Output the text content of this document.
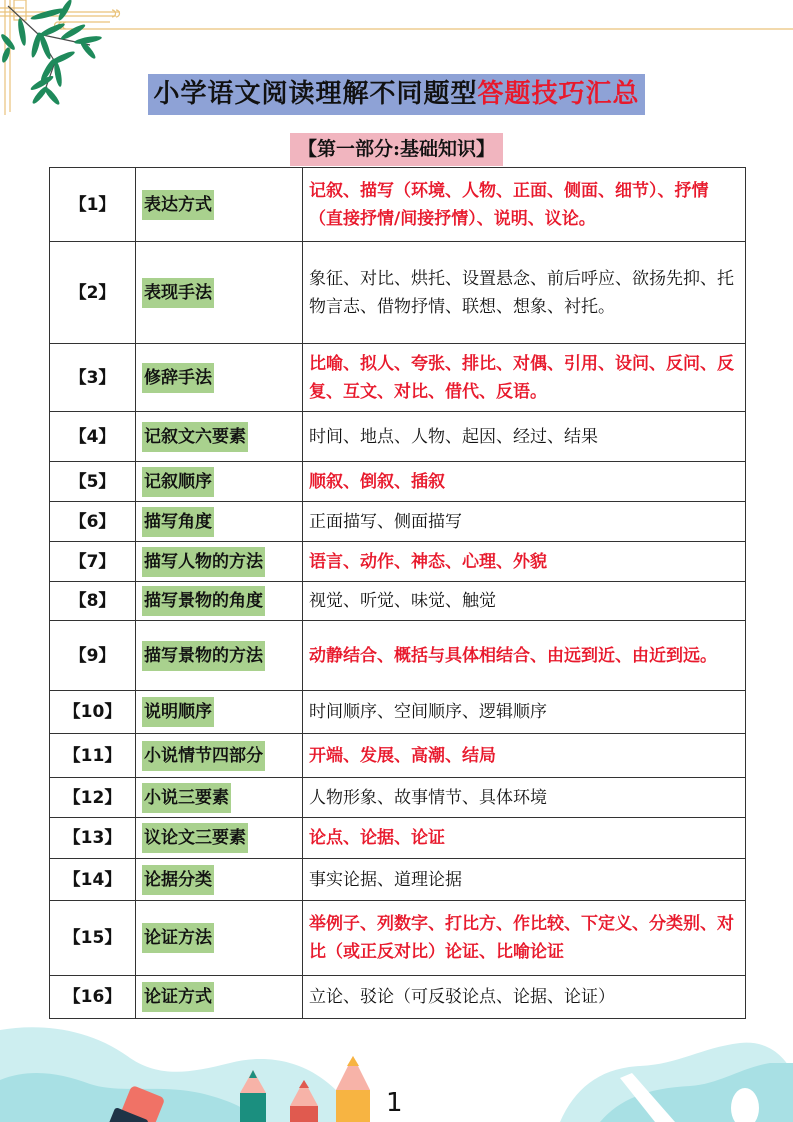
小学语文阅读理解不同题型答题技巧汇总
【第一部分:基础知识】
【1】	表达方式	记叙、描写（环境、人物、正面、侧面、细节）、抒情（直接抒情/间接抒情）、说明、议论。
【2】	表现手法	象征、对比、烘托、设置悬念、前后呼应、欲扬先抑、托物言志、借物抒情、联想、想象、衬托。
【3】	修辞手法	比喻、拟人、夸张、排比、对偶、引用、设问、反问、反复、互文、对比、借代、反语。
【4】	记叙文六要素	时间、地点、人物、起因、经过、结果
【5】	记叙顺序	顺叙、倒叙、插叙
【6】	描写角度	正面描写、侧面描写
【7】	描写人物的方法	语言、动作、神态、心理、外貌
【8】	描写景物的角度	视觉、听觉、味觉、触觉
【9】	描写景物的方法	动静结合、概括与具体相结合、由远到近、由近到远。
【10】	说明顺序	时间顺序、空间顺序、逻辑顺序
【11】	小说情节四部分	开端、发展、高潮、结局
【12】	小说三要素	人物形象、故事情节、具体环境
【13】	议论文三要素	论点、论据、论证
【14】	论据分类	事实论据、道理论据
【15】	论证方法	举例子、列数字、打比方、作比较、下定义、分类别、对比（或正反对比）论证、比喻论证
【16】	论证方式	立论、驳论（可反驳论点、论据、论证）
1
